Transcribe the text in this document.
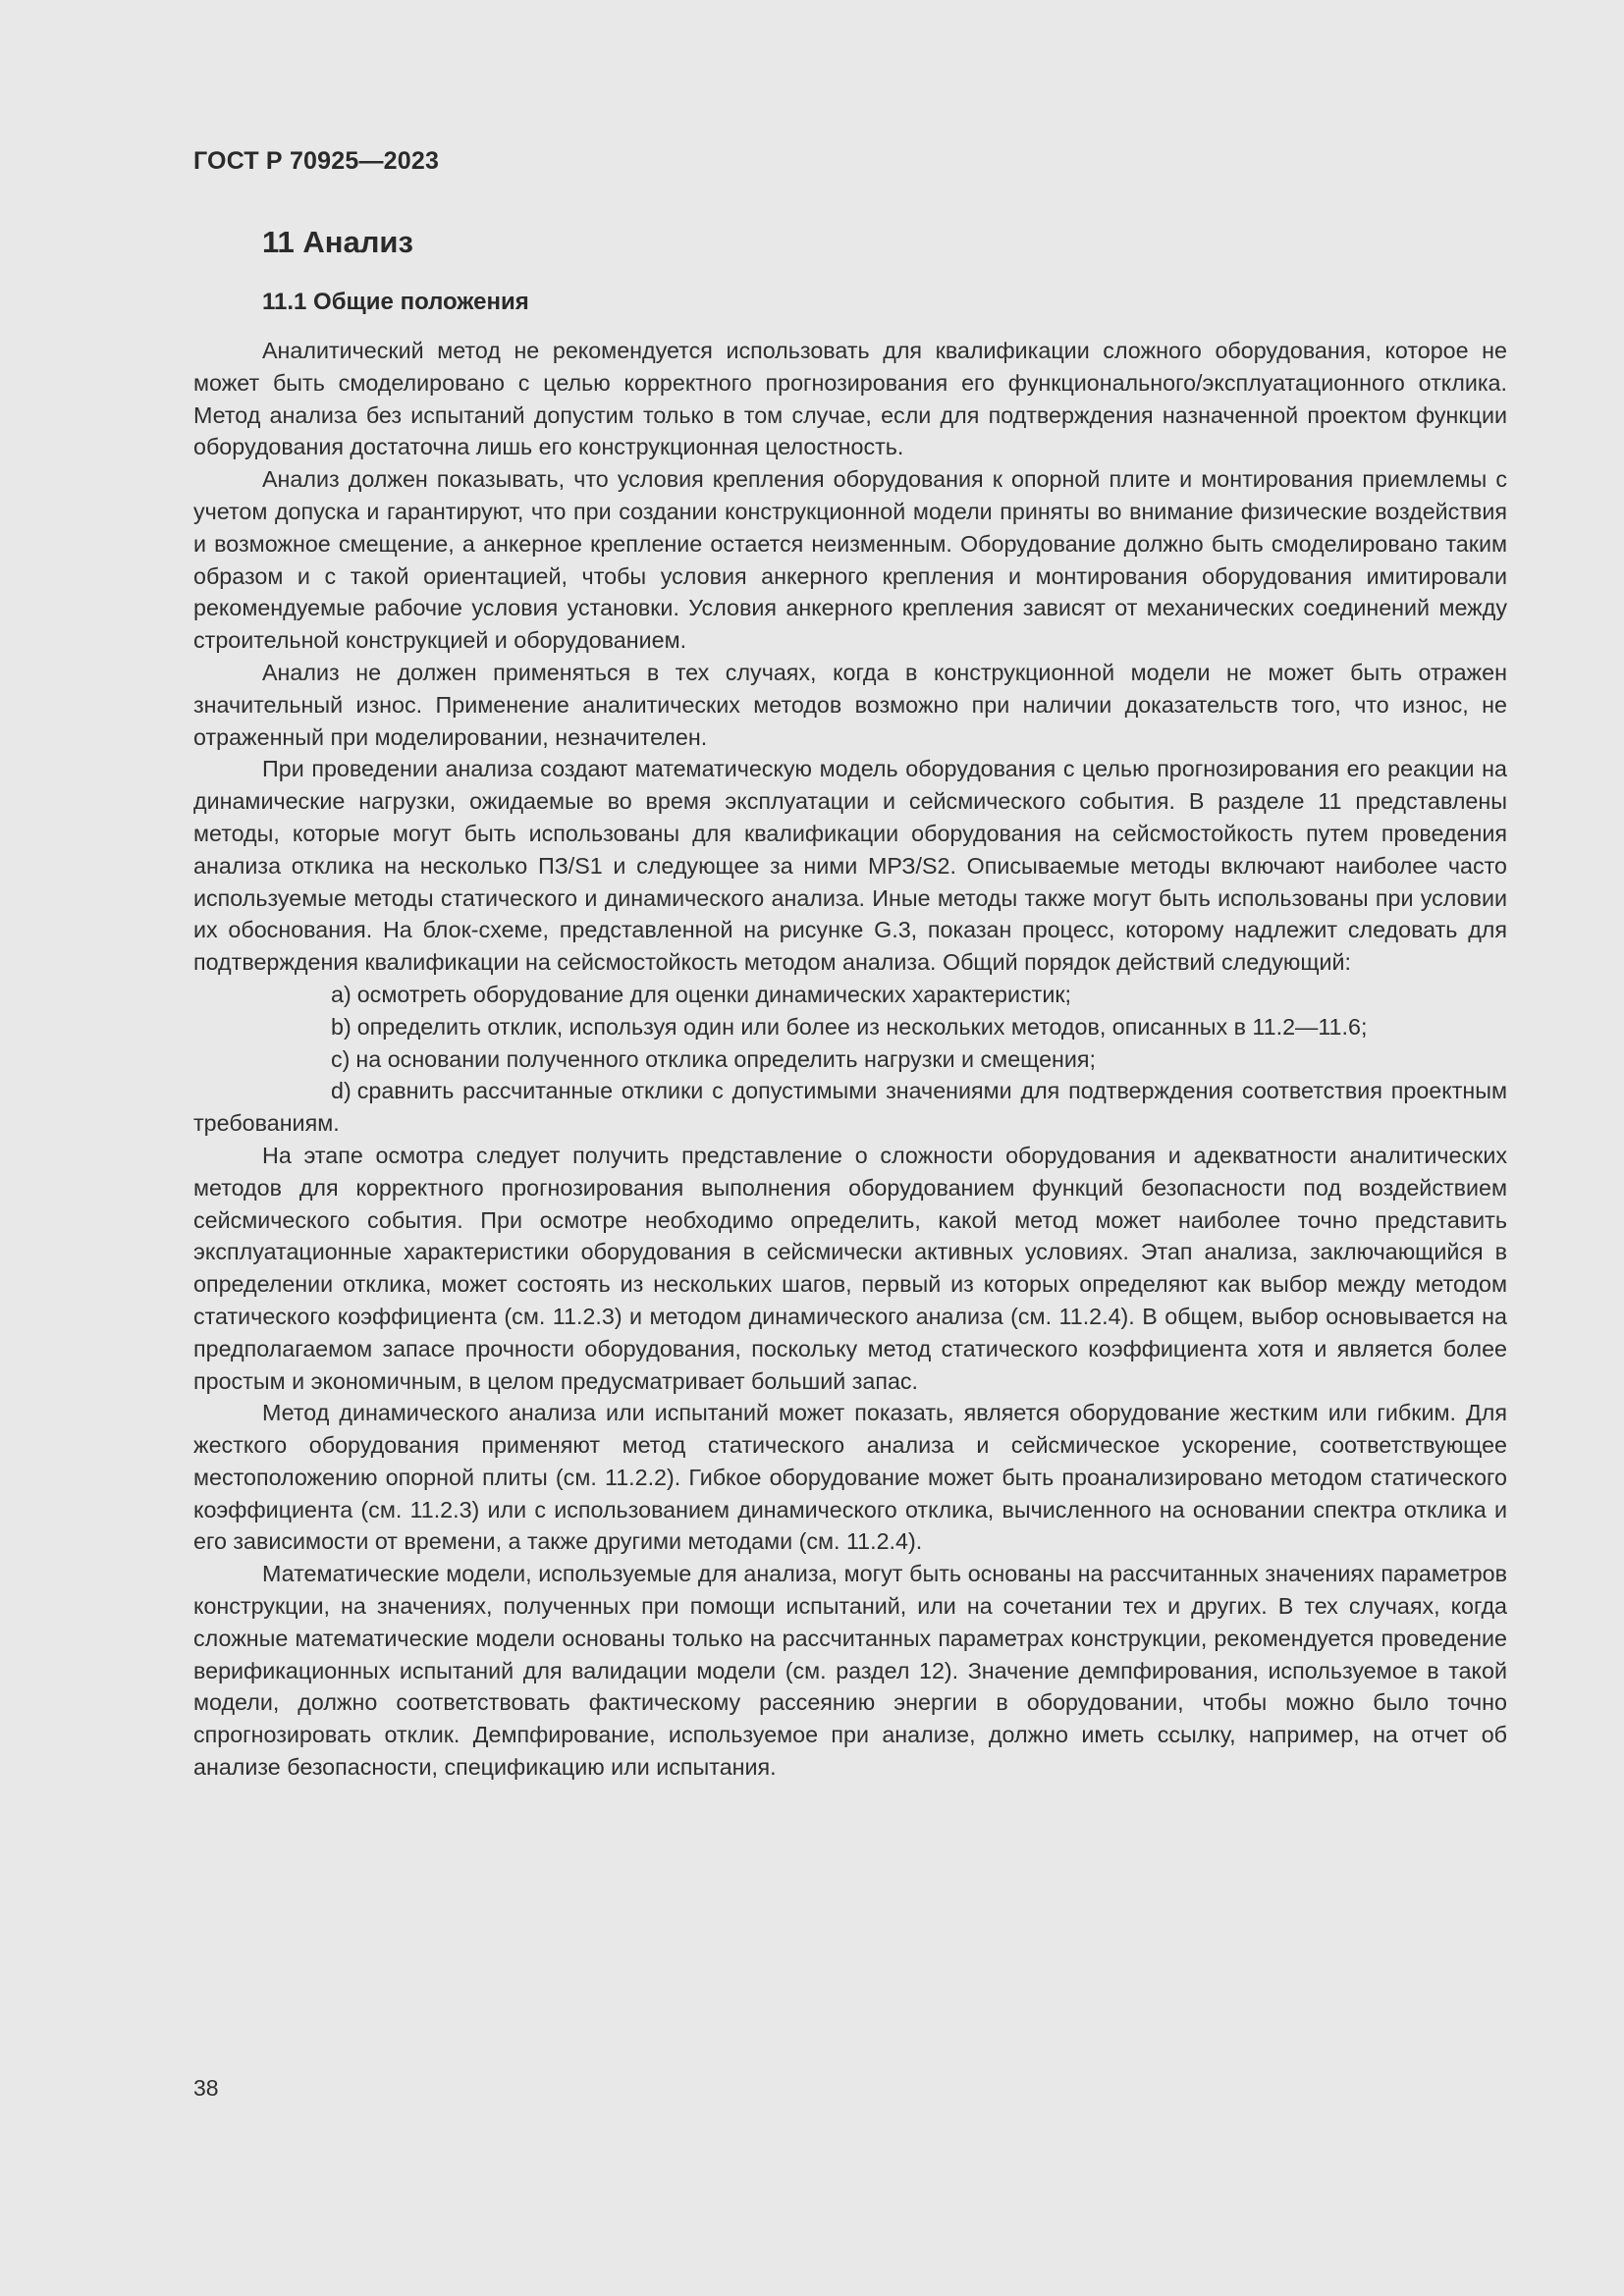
ГОСТ Р 70925—2023
11 Анализ
11.1 Общие положения

Аналитический метод не рекомендуется использовать для квалификации сложного оборудования, которое не может быть смоделировано с целью корректного прогнозирования его функционального/эксплуатационного отклика. Метод анализа без испытаний допустим только в том случае, если для подтверждения назначенной проектом функции оборудования достаточна лишь его конструкционная целостность.

Анализ должен показывать, что условия крепления оборудования к опорной плите и монтирования приемлемы с учетом допуска и гарантируют, что при создании конструкционной модели приняты во внимание физические воздействия и возможное смещение, а анкерное крепление остается неизменным. Оборудование должно быть смоделировано таким образом и с такой ориентацией, чтобы условия анкерного крепления и монтирования оборудования имитировали рекомендуемые рабочие условия установки. Условия анкерного крепления зависят от механических соединений между строительной конструкцией и оборудованием.

Анализ не должен применяться в тех случаях, когда в конструкционной модели не может быть отражен значительный износ. Применение аналитических методов возможно при наличии доказательств того, что износ, не отраженный при моделировании, незначителен.

При проведении анализа создают математическую модель оборудования с целью прогнозирования его реакции на динамические нагрузки, ожидаемые во время эксплуатации и сейсмического события. В разделе 11 представлены методы, которые могут быть использованы для квалификации оборудования на сейсмостойкость путем проведения анализа отклика на несколько ПЗ/S1 и следующее за ними МРЗ/S2. Описываемые методы включают наиболее часто используемые методы статического и динамического анализа. Иные методы также могут быть использованы при условии их обоснования. На блок-схеме, представленной на рисунке G.3, показан процесс, которому надлежит следовать для подтверждения квалификации на сейсмостойкость методом анализа. Общий порядок действий следующий:

a) осмотреть оборудование для оценки динамических характеристик;
b) определить отклик, используя один или более из нескольких методов, описанных в 11.2—11.6;
c) на основании полученного отклика определить нагрузки и смещения;
d) сравнить рассчитанные отклики с допустимыми значениями для подтверждения соответствия проектным требованиям.

На этапе осмотра следует получить представление о сложности оборудования и адекватности аналитических методов для корректного прогнозирования выполнения оборудованием функций безопасности под воздействием сейсмического события. При осмотре необходимо определить, какой метод может наиболее точно представить эксплуатационные характеристики оборудования в сейсмически активных условиях. Этап анализа, заключающийся в определении отклика, может состоять из нескольких шагов, первый из которых определяют как выбор между методом статического коэффициента (см. 11.2.3) и методом динамического анализа (см. 11.2.4). В общем, выбор основывается на предполагаемом запасе прочности оборудования, поскольку метод статического коэффициента хотя и является более простым и экономичным, в целом предусматривает больший запас.

Метод динамического анализа или испытаний может показать, является оборудование жестким или гибким. Для жесткого оборудования применяют метод статического анализа и сейсмическое ускорение, соответствующее местоположению опорной плиты (см. 11.2.2). Гибкое оборудование может быть проанализировано методом статического коэффициента (см. 11.2.3) или с использованием динамического отклика, вычисленного на основании спектра отклика и его зависимости от времени, а также другими методами (см. 11.2.4).

Математические модели, используемые для анализа, могут быть основаны на рассчитанных значениях параметров конструкции, на значениях, полученных при помощи испытаний, или на сочетании тех и других. В тех случаях, когда сложные математические модели основаны только на рассчитанных параметрах конструкции, рекомендуется проведение верификационных испытаний для валидации модели (см. раздел 12). Значение демпфирования, используемое в такой модели, должно соответствовать фактическому рассеянию энергии в оборудовании, чтобы можно было точно спрогнозировать отклик. Демпфирование, используемое при анализе, должно иметь ссылку, например, на отчет об анализе безопасности, спецификацию или испытания.

38
